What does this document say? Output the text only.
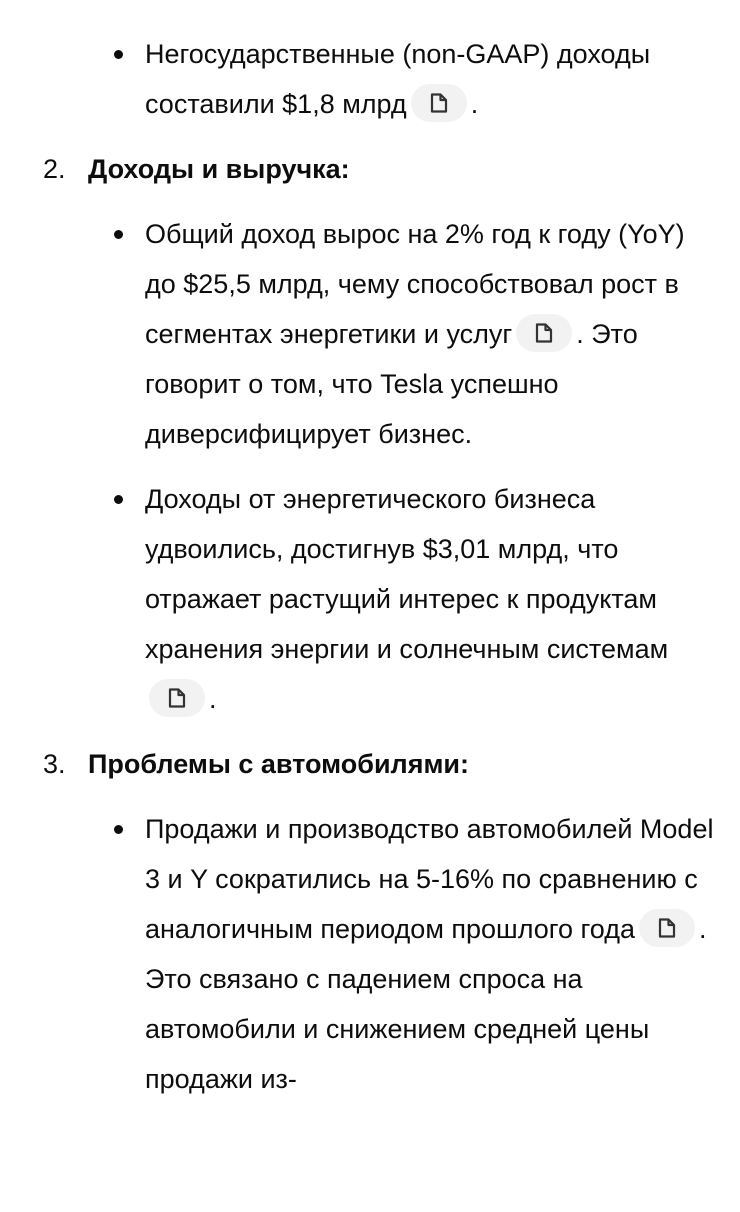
Негосударственные (non-GAAP) доходы составили $1,8 млрд .
2. Доходы и выручка:
Общий доход вырос на 2% год к году (YoY) до $25,5 млрд, чему способствовал рост в сегментах энергетики и услуг . Это говорит о том, что Tesla успешно диверсифицирует бизнес.
Доходы от энергетического бизнеса удвоились, достигнув $3,01 млрд, что отражает растущий интерес к продуктам хранения энергии и солнечным системам
.
3. Проблемы с автомобилями:
Продажи и производство автомобилей Model 3 и Y сократились на 5-16% по сравнению с аналогичным периодом прошлого года . Это связано с падением спроса на автомобили и снижением средней цены продажи из-
